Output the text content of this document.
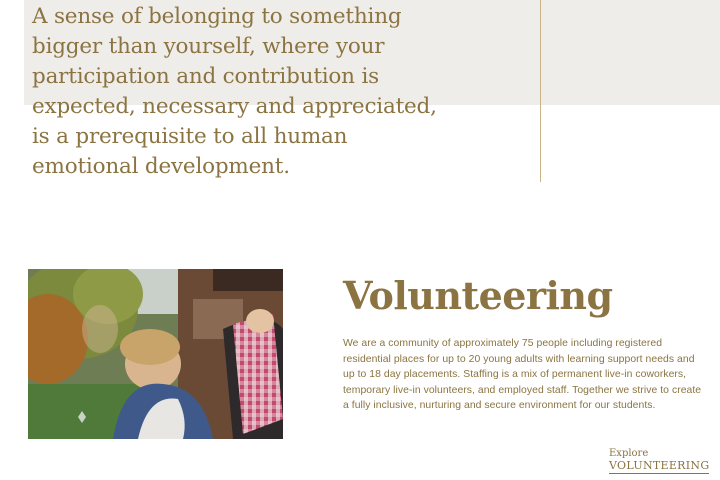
A sense of belonging to something bigger than yourself, where your participation and contribution is expected, necessary and appreciated, is a prerequisite to all human emotional development.

Volunteering

We are a community of approximately 75 people including registered residential places for up to 20 young adults with learning support needs and up to 18 day placements. Staffing is a mix of permanent live-in coworkers, temporary live-in volunteers, and employed staff. Together we strive to create a fully inclusive, nurturing and secure environment for our students.

Explore
VOLUNTEERING
